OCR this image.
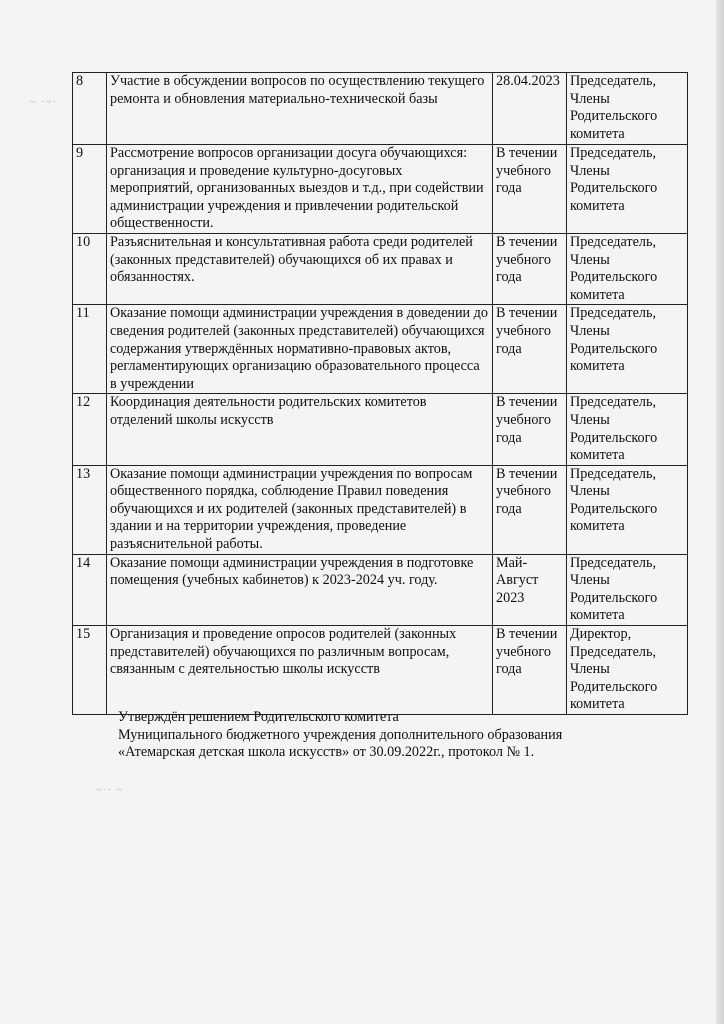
~ ·~·
~·· ~
8	Участие в обсуждении вопросов по осуществлению текущего ремонта и обновления материально-технической базы	28.04.2023	Председатель, Члены Родительского комитета
9	Рассмотрение вопросов организации досуга обучающихся: организация и проведение культурно-досуговых мероприятий, организованных выездов и т.д., при содействии администрации учреждения и привлечении родительской общественности.	В течении учебного года	Председатель, Члены Родительского комитета
10	Разъяснительная и консультативная работа среди родителей (законных представителей) обучающихся об их правах и обязанностях.	В течении учебного года	Председатель, Члены Родительского комитета
11	Оказание помощи администрации учреждения в доведении до сведения родителей (законных представителей) обучающихся содержания утверждённых нормативно-правовых актов, регламентирующих организацию образовательного процесса в учреждении	В течении учебного года	Председатель, Члены Родительского комитета
12	Координация деятельности родительских комитетов отделений школы искусств	В течении учебного года	Председатель, Члены Родительского комитета
13	Оказание помощи администрации учреждения по вопросам общественного порядка, соблюдение Правил поведения обучающихся и их родителей (законных представителей) в здании и на территории учреждения, проведение разъяснительной работы.	В течении учебного года	Председатель, Члены Родительского комитета
14	Оказание помощи администрации учреждения в подготовке помещения (учебных кабинетов) к 2023-2024 уч. году.	Май-Август 2023	Председатель, Члены Родительского комитета
15	Организация и проведение опросов родителей (законных представителей) обучающихся по различным вопросам, связанным с деятельностью школы искусств	В течении учебного года	Директор, Председатель, Члены Родительского комитета
Утверждён решением Родительского комитета
Муниципального бюджетного учреждения дополнительного образования
«Атемарская детская школа искусств» от 30.09.2022г., протокол № 1.
